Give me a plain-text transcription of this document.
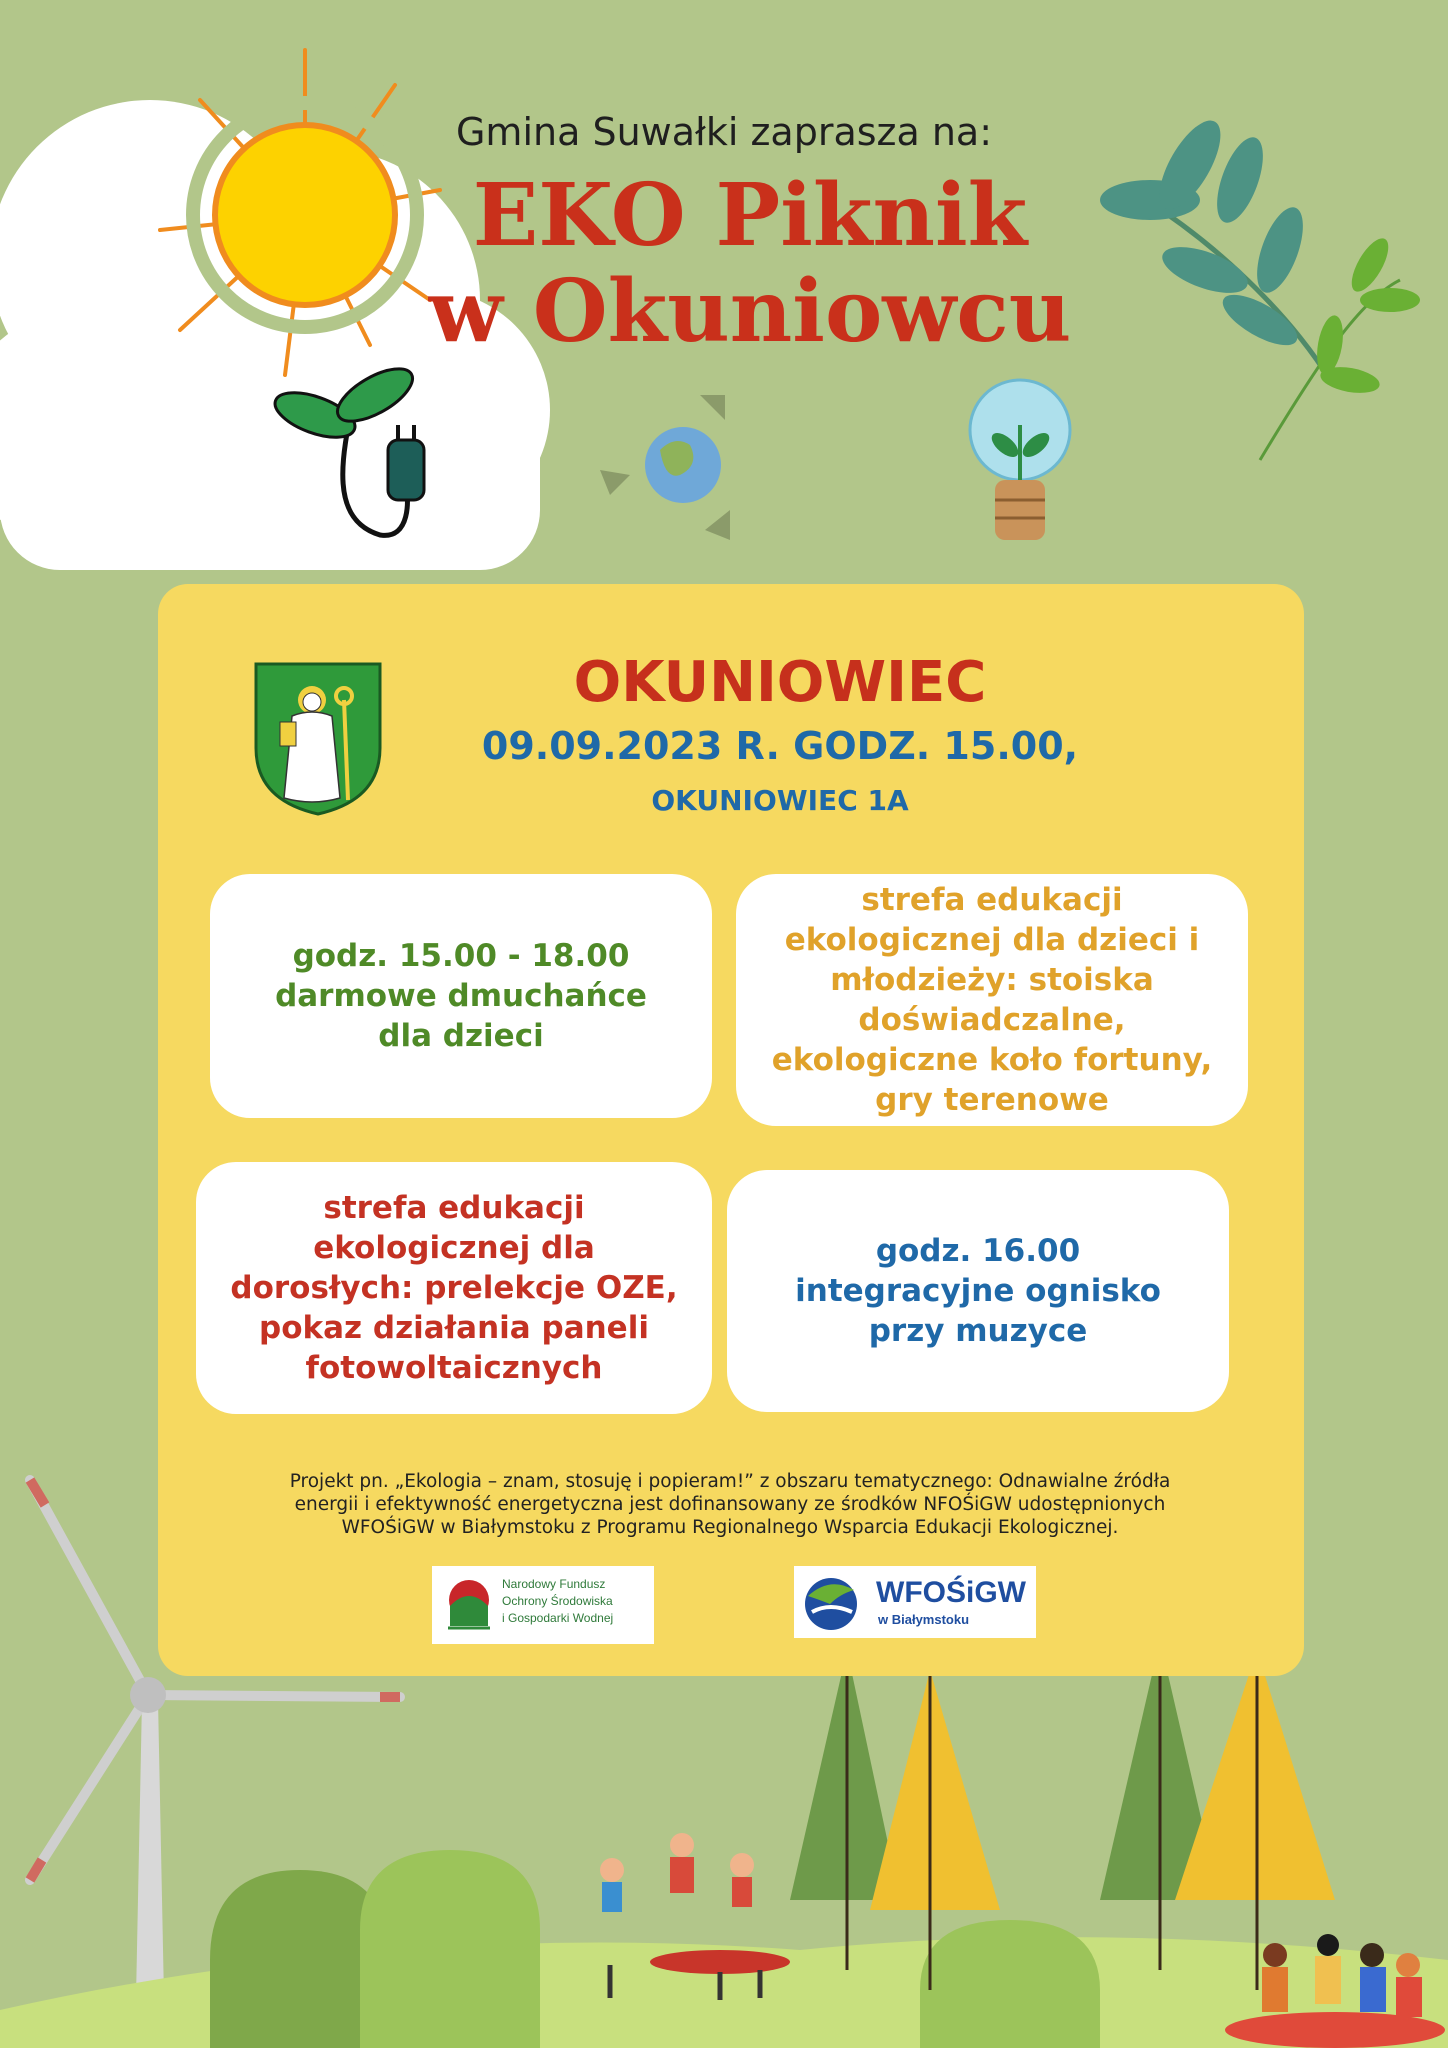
Gmina Suwałki zaprasza na:
EKO Piknik
w Okuniowcu
OKUNIOWIEC
09.09.2023 R. GODZ. 15.00,
OKUNIOWIEC 1A
godz. 15.00 - 18.00
darmowe dmuchańce
dla dzieci
strefa edukacji
ekologicznej dla dzieci i
młodzieży: stoiska
doświadczalne,
ekologiczne koło fortuny,
gry terenowe
strefa edukacji
ekologicznej dla
dorosłych: prelekcje OZE,
pokaz działania paneli
fotowoltaicznych
godz. 16.00
integracyjne ognisko
przy muzyce
Projekt pn. „Ekologia – znam, stosuję i popieram!” z obszaru tematycznego: Odnawialne źródła
energii i efektywność energetyczna jest dofinansowany ze środków NFOŚiGW udostępnionych
WFOŚiGW w Białymstoku z Programu Regionalnego Wsparcia Edukacji Ekologicznej.
Narodowy Fundusz
Ochrony Środowiska
i Gospodarki Wodnej
WFOŚiGW
w Białymstoku
